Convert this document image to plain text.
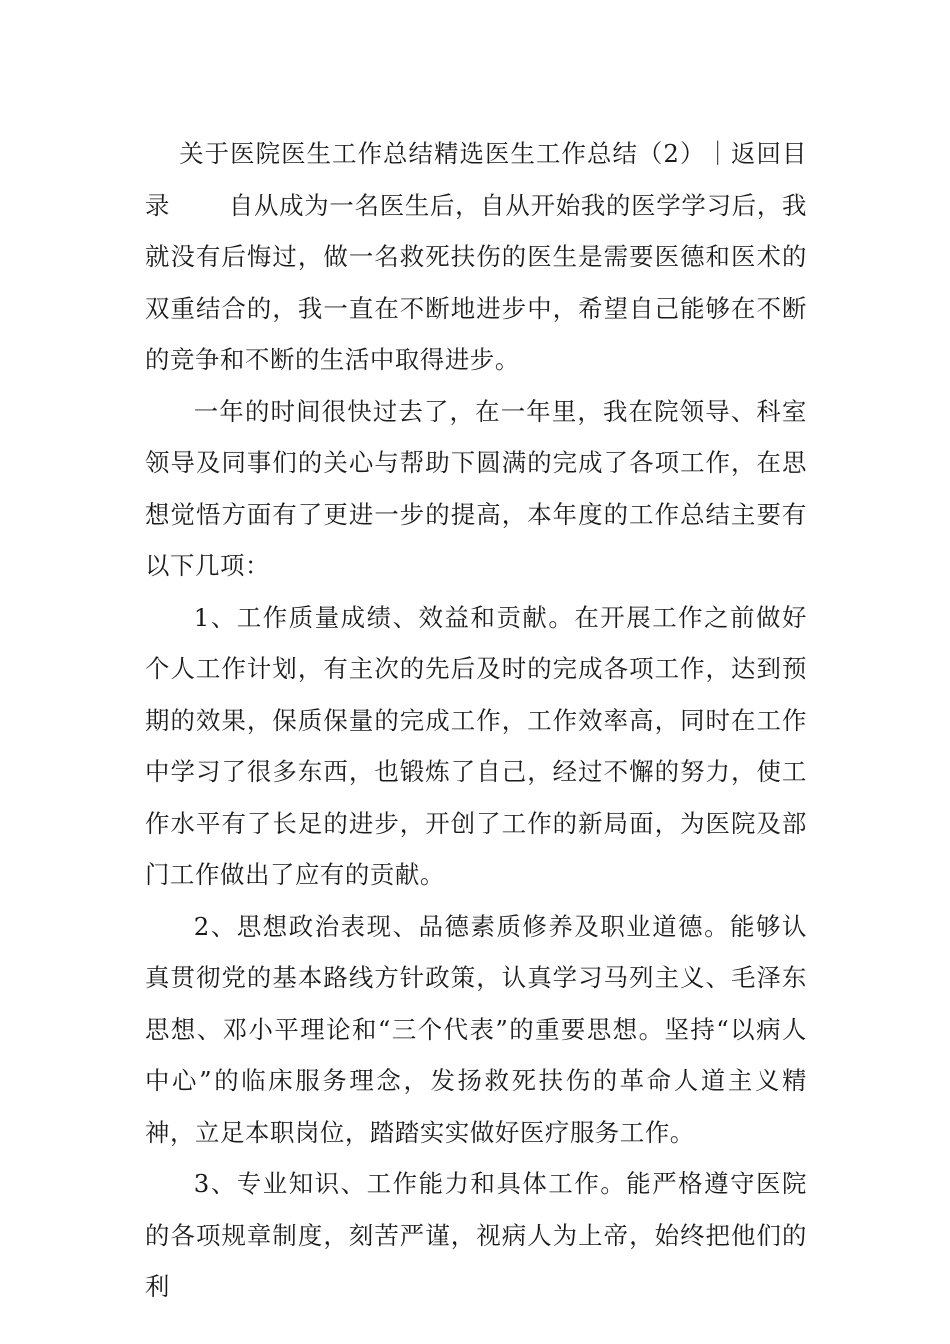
关于医院医生工作总结精选医生工作总结（2）｜返回目录 自从成为一名医生后，自从开始我的医学学习后，我就没有后悔过，做一名救死扶伤的医生是需要医德和医术的双重结合的，我一直在不断地进步中，希望自己能够在不断的竞争和不断的生活中取得进步。

一年的时间很快过去了，在一年里，我在院领导、科室领导及同事们的关心与帮助下圆满的完成了各项工作，在思想觉悟方面有了更进一步的提高，本年度的工作总结主要有以下几项：

1、工作质量成绩、效益和贡献。在开展工作之前做好个人工作计划，有主次的先后及时的完成各项工作，达到预期的效果，保质保量的完成工作，工作效率高，同时在工作中学习了很多东西，也锻炼了自己，经过不懈的努力，使工作水平有了长足的进步，开创了工作的新局面，为医院及部门工作做出了应有的贡献。

2、思想政治表现、品德素质修养及职业道德。能够认真贯彻党的基本路线方针政策，认真学习马列主义、毛泽东思想、邓小平理论和“三个代表”的重要思想。坚持“以病人中心”的临床服务理念，发扬救死扶伤的革命人道主义精神，立足本职岗位，踏踏实实做好医疗服务工作。

3、专业知识、工作能力和具体工作。能严格遵守医院的各项规章制度，刻苦严谨，视病人为上帝，始终把他们的利
